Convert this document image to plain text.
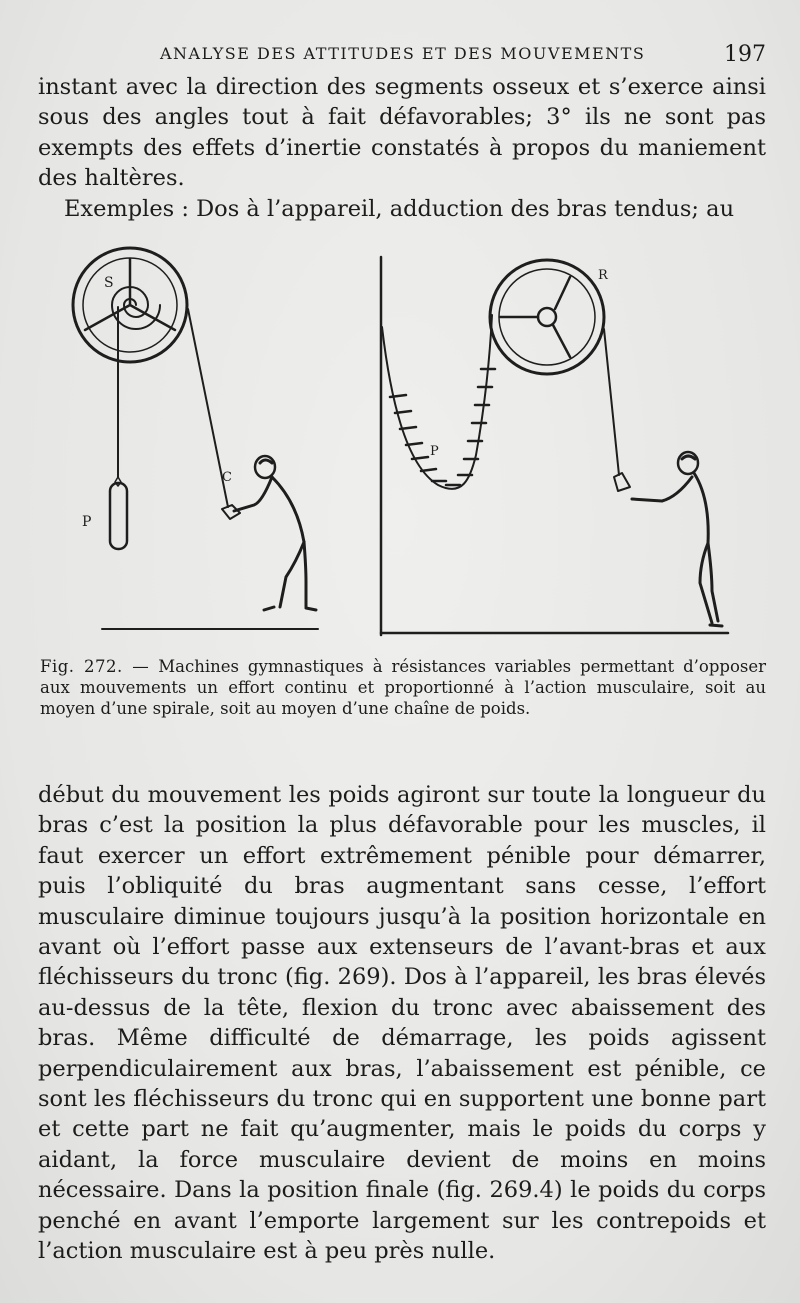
ANALYSE DES ATTITUDES ET DES MOUVEMENTS	197

instant avec la direction des segments osseux et s’exerce ainsi sous des angles tout à fait défavorables; 3° ils ne sont pas exempts des effets d’inertie constatés à propos du maniement des haltères.

Exemples : Dos à l’appareil, adduction des bras tendus; au

S
P
C
R
P
Fig. 272. — Machines gymnastiques à résistances variables permettant d’opposer aux mouvements un effort continu et proportionné à l’action musculaire, soit au moyen d’une spirale, soit au moyen d’une chaîne de poids.

début du mouvement les poids agiront sur toute la longueur du bras c’est la position la plus défavorable pour les muscles, il faut exercer un effort extrêmement pénible pour démarrer, puis l’obliquité du bras augmentant sans cesse, l’effort musculaire diminue toujours jusqu’à la position horizontale en avant où l’effort passe aux extenseurs de l’avant-bras et aux fléchisseurs du tronc (fig. 269). Dos à l’appareil, les bras élevés au-dessus de la tête, flexion du tronc avec abaissement des bras. Même difficulté de démarrage, les poids agissent perpendiculairement aux bras, l’abaissement est pénible, ce sont les fléchisseurs du tronc qui en supportent une bonne part et cette part ne fait qu’augmenter, mais le poids du corps y aidant, la force musculaire devient de moins en moins nécessaire. Dans la position finale (fig. 269.4) le poids du corps penché en avant l’emporte largement sur les contrepoids et l’action musculaire est à peu près nulle.
